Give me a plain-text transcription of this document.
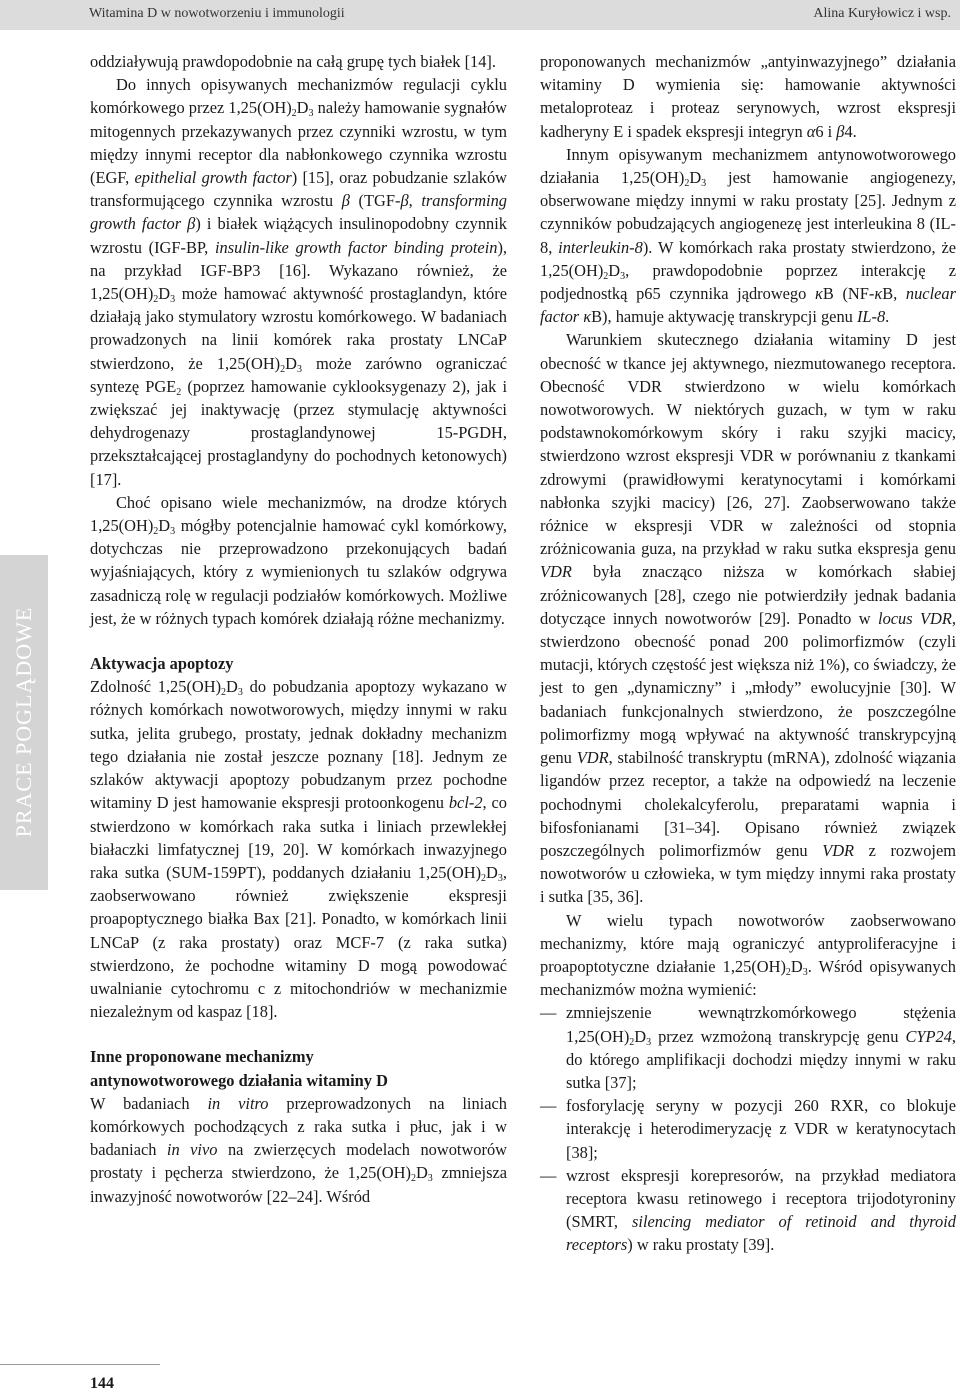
Witamina D w nowotworzeniu i immunologii	Alina Kuryłowicz i wsp.
PRACE POGLĄDOWE

oddziaływują prawdopodobnie na całą grupę tych białek [14].

Do innych opisywanych mechanizmów regulacji cyklu komórkowego przez $1,25(OH)_2D_3$ należy hamowanie sygnałów mitogennych przekazywanych przez czynniki wzrostu, w tym między innymi receptor dla nabłonkowego czynnika wzrostu (EGF, epithelial growth factor) [15], oraz pobudzanie szlaków transformującego czynnika wzrostu β (TGF-β, transforming growth factor β) i białek wiążących insulinopodobny czynnik wzrostu (IGF-BP, insulin-like growth factor binding protein), na przykład IGF-BP3 [16]. Wykazano również, że $1,25(OH)_2D_3$ może hamować aktywność prostaglandyn, które działają jako stymulatory wzrostu komórkowego. W badaniach prowadzonych na linii komórek raka prostaty LNCaP stwierdzono, że $1,25(OH)_2D_3$ może zarówno ograniczać syntezę $PGE_2$ (poprzez hamowanie cyklooksygenazy 2), jak i zwiększać jej inaktywację (przez stymulację aktywności dehydrogenazy prostaglandynowej 15-PGDH, przekształcającej prostaglandyny do pochodnych ketonowych) [17].

Choć opisano wiele mechanizmów, na drodze których $1,25(OH)_2D_3$ mógłby potencjalnie hamować cykl komórkowy, dotychczas nie przeprowadzono przekonujących badań wyjaśniających, który z wymienionych tu szlaków odgrywa zasadniczą rolę w regulacji podziałów komórkowych. Możliwe jest, że w różnych typach komórek działają różne mechanizmy.

Aktywacja apoptozy

Zdolność $1,25(OH)_2D_3$ do pobudzania apoptozy wykazano w różnych komórkach nowotworowych, między innymi w raku sutka, jelita grubego, prostaty, jednak dokładny mechanizm tego działania nie został jeszcze poznany [18]. Jednym ze szlaków aktywacji apoptozy pobudzanym przez pochodne witaminy D jest hamowanie ekspresji protoonkogenu bcl-2, co stwierdzono w komórkach raka sutka i liniach przewlekłej białaczki limfatycznej [19, 20]. W komórkach inwazyjnego raka sutka (SUM-159PT), poddanych działaniu $1,25(OH)_2D_3$, zaobserwowano również zwiększenie ekspresji proapoptycznego białka Bax [21]. Ponadto, w komórkach linii LNCaP (z raka prostaty) oraz MCF-7 (z raka sutka) stwierdzono, że pochodne witaminy D mogą powodować uwalnianie cytochromu c z mitochondriów w mechanizmie niezależnym od kaspaz [18].

Inne proponowane mechanizmy
antynowotworowego działania witaminy D

W badaniach in vitro przeprowadzonych na liniach komórkowych pochodzących z raka sutka i płuc, jak i w badaniach in vivo na zwierzęcych modelach nowotworów prostaty i pęcherza stwierdzono, że $1,25(OH)_2D_3$ zmniejsza inwazyjność nowotworów [22–24]. Wśród

proponowanych mechanizmów „antyinwazyjnego” działania witaminy D wymienia się: hamowanie aktywności metaloproteaz i proteaz serynowych, wzrost ekspresji kadheryny E i spadek ekspresji integryn α6 i β4.

Innym opisywanym mechanizmem antynowotworowego działania $1,25(OH)_2D_3$ jest hamowanie angiogenezy, obserwowane między innymi w raku prostaty [25]. Jednym z czynników pobudzających angiogenezę jest interleukina 8 (IL-8, interleukin-8). W komórkach raka prostaty stwierdzono, że $1,25(OH)_2D_3$, prawdopodobnie poprzez interakcję z podjednostką p65 czynnika jądrowego κB (NF-κB, nuclear factor κB), hamuje aktywację transkrypcji genu IL-8.

Warunkiem skutecznego działania witaminy D jest obecność w tkance jej aktywnego, niezmutowanego receptora. Obecność VDR stwierdzono w wielu komórkach nowotworowych. W niektórych guzach, w tym w raku podstawnokomórkowym skóry i raku szyjki macicy, stwierdzono wzrost ekspresji VDR w porównaniu z tkankami zdrowymi (prawidłowymi keratynocytami i komórkami nabłonka szyjki macicy) [26, 27]. Zaobserwowano także różnice w ekspresji VDR w zależności od stopnia zróżnicowania guza, na przykład w raku sutka ekspresja genu VDR była znacząco niższa w komórkach słabiej zróżnicowanych [28], czego nie potwierdziły jednak badania dotyczące innych nowotworów [29]. Ponadto w locus VDR, stwierdzono obecność ponad 200 polimorfizmów (czyli mutacji, których częstość jest większa niż 1%), co świadczy, że jest to gen „dynamiczny” i „młody” ewolucyjnie [30]. W badaniach funkcjonalnych stwierdzono, że poszczególne polimorfizmy mogą wpływać na aktywność transkrypcyjną genu VDR, stabilność transkryptu (mRNA), zdolność wiązania ligandów przez receptor, a także na odpowiedź na leczenie pochodnymi cholekalcyferolu, preparatami wapnia i bifosfonianami [31–34]. Opisano również związek poszczególnych polimorfizmów genu VDR z rozwojem nowotworów u człowieka, w tym między innymi raka prostaty i sutka [35, 36].

W wielu typach nowotworów zaobserwowano mechanizmy, które mają ograniczyć antyproliferacyjne i proapoptotyczne działanie $1,25(OH)_2D_3$. Wśród opisywanych mechanizmów można wymienić:

— zmniejszenie wewnątrzkomórkowego stężenia $1,25(OH)_2D_3$ przez wzmożoną transkrypcję genu CYP24, do którego amplifikacji dochodzi między innymi w raku sutka [37];

— fosforylację seryny w pozycji 260 RXR, co blokuje interakcję i heterodimeryzację z VDR w keratynocytach [38];

— wzrost ekspresji korepresorów, na przykład mediatora receptora kwasu retinowego i receptora trijodotyroniny (SMRT, silencing mediator of retinoid and thyroid receptors) w raku prostaty [39].

144
